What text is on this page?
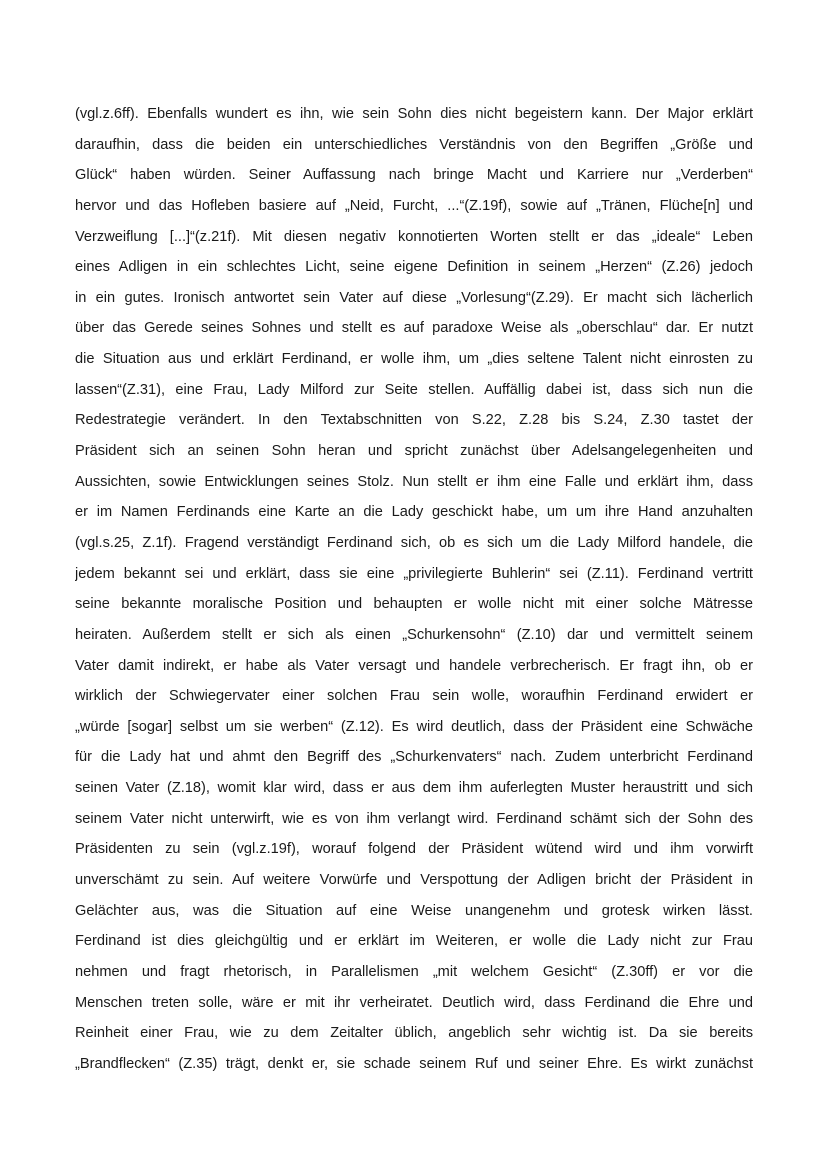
(vgl.z.6ff). Ebenfalls wundert es ihn, wie sein Sohn dies nicht begeistern kann. Der Major erklärt
daraufhin, dass die beiden ein unterschiedliches Verständnis von den Begriffen „Größe und
Glück“ haben würden. Seiner Auffassung nach bringe Macht und Karriere nur „Verderben“
hervor und das Hofleben basiere auf „Neid, Furcht, ...“(Z.19f), sowie auf „Tränen, Flüche[n] und
Verzweiflung [...]“(z.21f). Mit diesen negativ konnotierten Worten stellt er das „ideale“ Leben
eines Adligen in ein schlechtes Licht, seine eigene Definition in seinem „Herzen“ (Z.26) jedoch
in ein gutes. Ironisch antwortet sein Vater auf diese „Vorlesung“(Z.29). Er macht sich lächerlich
über das Gerede seines Sohnes und stellt es auf paradoxe Weise als „oberschlau“ dar. Er nutzt
die Situation aus und erklärt Ferdinand, er wolle ihm, um „dies seltene Talent nicht einrosten zu
lassen“(Z.31), eine Frau, Lady Milford zur Seite stellen. Auffällig dabei ist, dass sich nun die
Redestrategie verändert. In den Textabschnitten von S.22, Z.28 bis S.24, Z.30 tastet der
Präsident sich an seinen Sohn heran und spricht zunächst über Adelsangelegenheiten und
Aussichten, sowie Entwicklungen seines Stolz. Nun stellt er ihm eine Falle und erklärt ihm, dass
er im Namen Ferdinands eine Karte an die Lady geschickt habe, um um ihre Hand anzuhalten
(vgl.s.25, Z.1f). Fragend verständigt Ferdinand sich, ob es sich um die Lady Milford handele, die
jedem bekannt sei und erklärt, dass sie eine „privilegierte Buhlerin“ sei (Z.11). Ferdinand vertritt
seine bekannte moralische Position und behaupten er wolle nicht mit einer solche Mätresse
heiraten. Außerdem stellt er sich als einen „Schurkensohn“ (Z.10) dar und vermittelt seinem
Vater damit indirekt, er habe als Vater versagt und handele verbrecherisch. Er fragt ihn, ob er
wirklich der Schwiegervater einer solchen Frau sein wolle, woraufhin Ferdinand erwidert er
„würde [sogar] selbst um sie werben“ (Z.12). Es wird deutlich, dass der Präsident eine Schwäche
für die Lady hat und ahmt den Begriff des „Schurkenvaters“ nach. Zudem unterbricht Ferdinand
seinen Vater (Z.18), womit klar wird, dass er aus dem ihm auferlegten Muster heraustritt und sich
seinem Vater nicht unterwirft, wie es von ihm verlangt wird. Ferdinand schämt sich der Sohn des
Präsidenten zu sein (vgl.z.19f), worauf folgend der Präsident wütend wird und ihm vorwirft
unverschämt zu sein. Auf weitere Vorwürfe und Verspottung der Adligen bricht der Präsident in
Gelächter aus, was die Situation auf eine Weise unangenehm und grotesk wirken lässt.
Ferdinand ist dies gleichgültig und er erklärt im Weiteren, er wolle die Lady nicht zur Frau
nehmen und fragt rhetorisch, in Parallelismen „mit welchem Gesicht“ (Z.30ff) er vor die
Menschen treten solle, wäre er mit ihr verheiratet. Deutlich wird, dass Ferdinand die Ehre und
Reinheit einer Frau, wie zu dem Zeitalter üblich, angeblich sehr wichtig ist. Da sie bereits
„Brandflecken“ (Z.35) trägt, denkt er, sie schade seinem Ruf und seiner Ehre. Es wirkt zunächst
